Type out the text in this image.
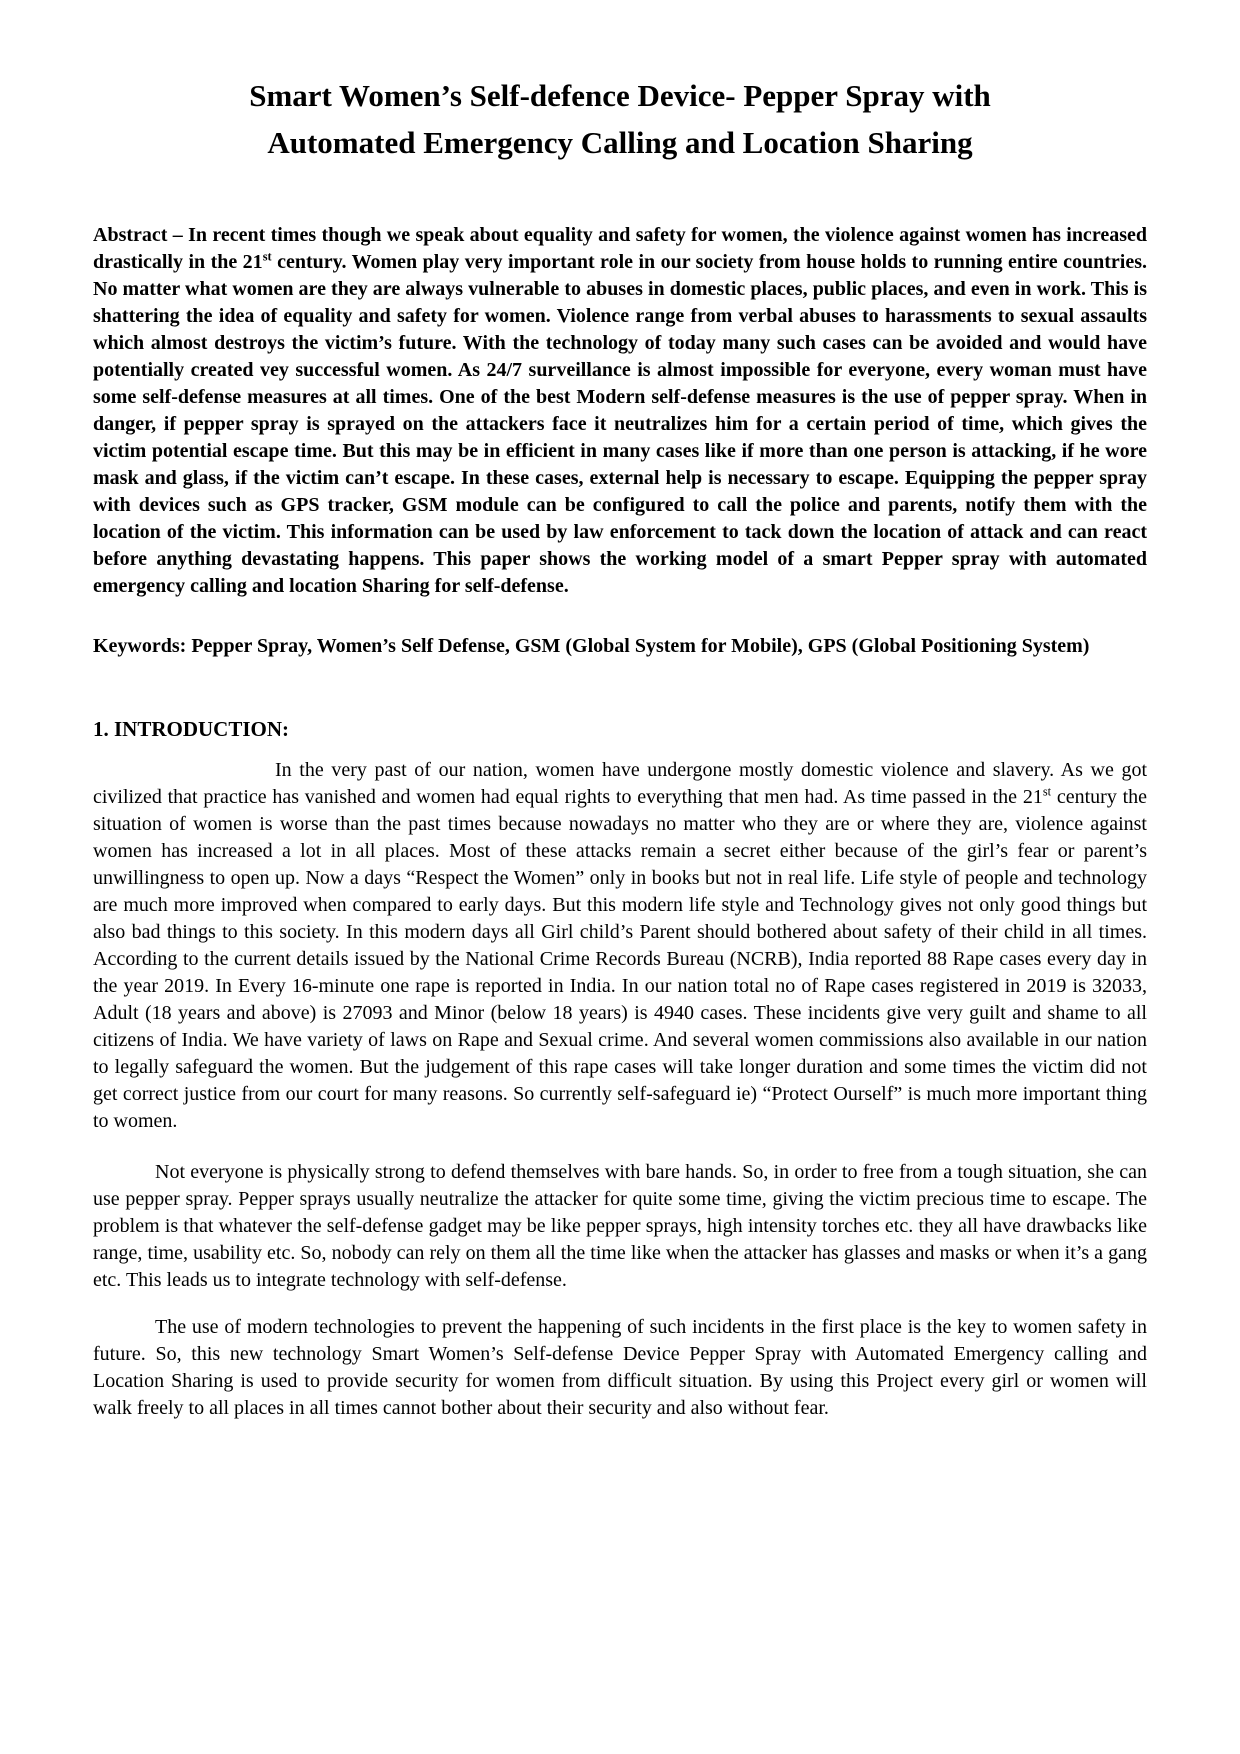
Smart Women’s Self-defence Device- Pepper Spray with
Automated Emergency Calling and Location Sharing

Abstract – In recent times though we speak about equality and safety for women, the violence against women has increased drastically in the 21st century. Women play very important role in our society from house holds to running entire countries. No matter what women are they are always vulnerable to abuses in domestic places, public places, and even in work. This is shattering the idea of equality and safety for women. Violence range from verbal abuses to harassments to sexual assaults which almost destroys the victim’s future. With the technology of today many such cases can be avoided and would have potentially created vey successful women. As 24/7 surveillance is almost impossible for everyone, every woman must have some self-defense measures at all times. One of the best Modern self-defense measures is the use of pepper spray. When in danger, if pepper spray is sprayed on the attackers face it neutralizes him for a certain period of time, which gives the victim potential escape time. But this may be in efficient in many cases like if more than one person is attacking, if he wore mask and glass, if the victim can’t escape. In these cases, external help is necessary to escape. Equipping the pepper spray with devices such as GPS tracker, GSM module can be configured to call the police and parents, notify them with the location of the victim. This information can be used by law enforcement to tack down the location of attack and can react before anything devastating happens. This paper shows the working model of a smart Pepper spray with automated emergency calling and location Sharing for self-defense.

Keywords: Pepper Spray, Women’s Self Defense, GSM (Global System for Mobile), GPS (Global Positioning System)

1. INTRODUCTION:

In the very past of our nation, women have undergone mostly domestic violence and slavery. As we got civilized that practice has vanished and women had equal rights to everything that men had. As time passed in the 21st century the situation of women is worse than the past times because nowadays no matter who they are or where they are, violence against women has increased a lot in all places. Most of these attacks remain a secret either because of the girl’s fear or parent’s unwillingness to open up. Now a days “Respect the Women” only in books but not in real life. Life style of people and technology are much more improved when compared to early days. But this modern life style and Technology gives not only good things but also bad things to this society. In this modern days all Girl child’s Parent should bothered about safety of their child in all times. According to the current details issued by the National Crime Records Bureau (NCRB), India reported 88 Rape cases every day in the year 2019. In Every 16-minute one rape is reported in India. In our nation total no of Rape cases registered in 2019 is 32033, Adult (18 years and above) is 27093 and Minor (below 18 years) is 4940 cases. These incidents give very guilt and shame to all citizens of India. We have variety of laws on Rape and Sexual crime. And several women commissions also available in our nation to legally safeguard the women. But the judgement of this rape cases will take longer duration and some times the victim did not get correct justice from our court for many reasons. So currently self-safeguard ie) “Protect Ourself” is much more important thing to women.

Not everyone is physically strong to defend themselves with bare hands. So, in order to free from a tough situation, she can use pepper spray. Pepper sprays usually neutralize the attacker for quite some time, giving the victim precious time to escape. The problem is that whatever the self-defense gadget may be like pepper sprays, high intensity torches etc. they all have drawbacks like range, time, usability etc. So, nobody can rely on them all the time like when the attacker has glasses and masks or when it’s a gang etc. This leads us to integrate technology with self-defense.

The use of modern technologies to prevent the happening of such incidents in the first place is the key to women safety in future. So, this new technology Smart Women’s Self-defense Device Pepper Spray with Automated Emergency calling and Location Sharing is used to provide security for women from difficult situation. By using this Project every girl or women will walk freely to all places in all times cannot bother about their security and also without fear.
